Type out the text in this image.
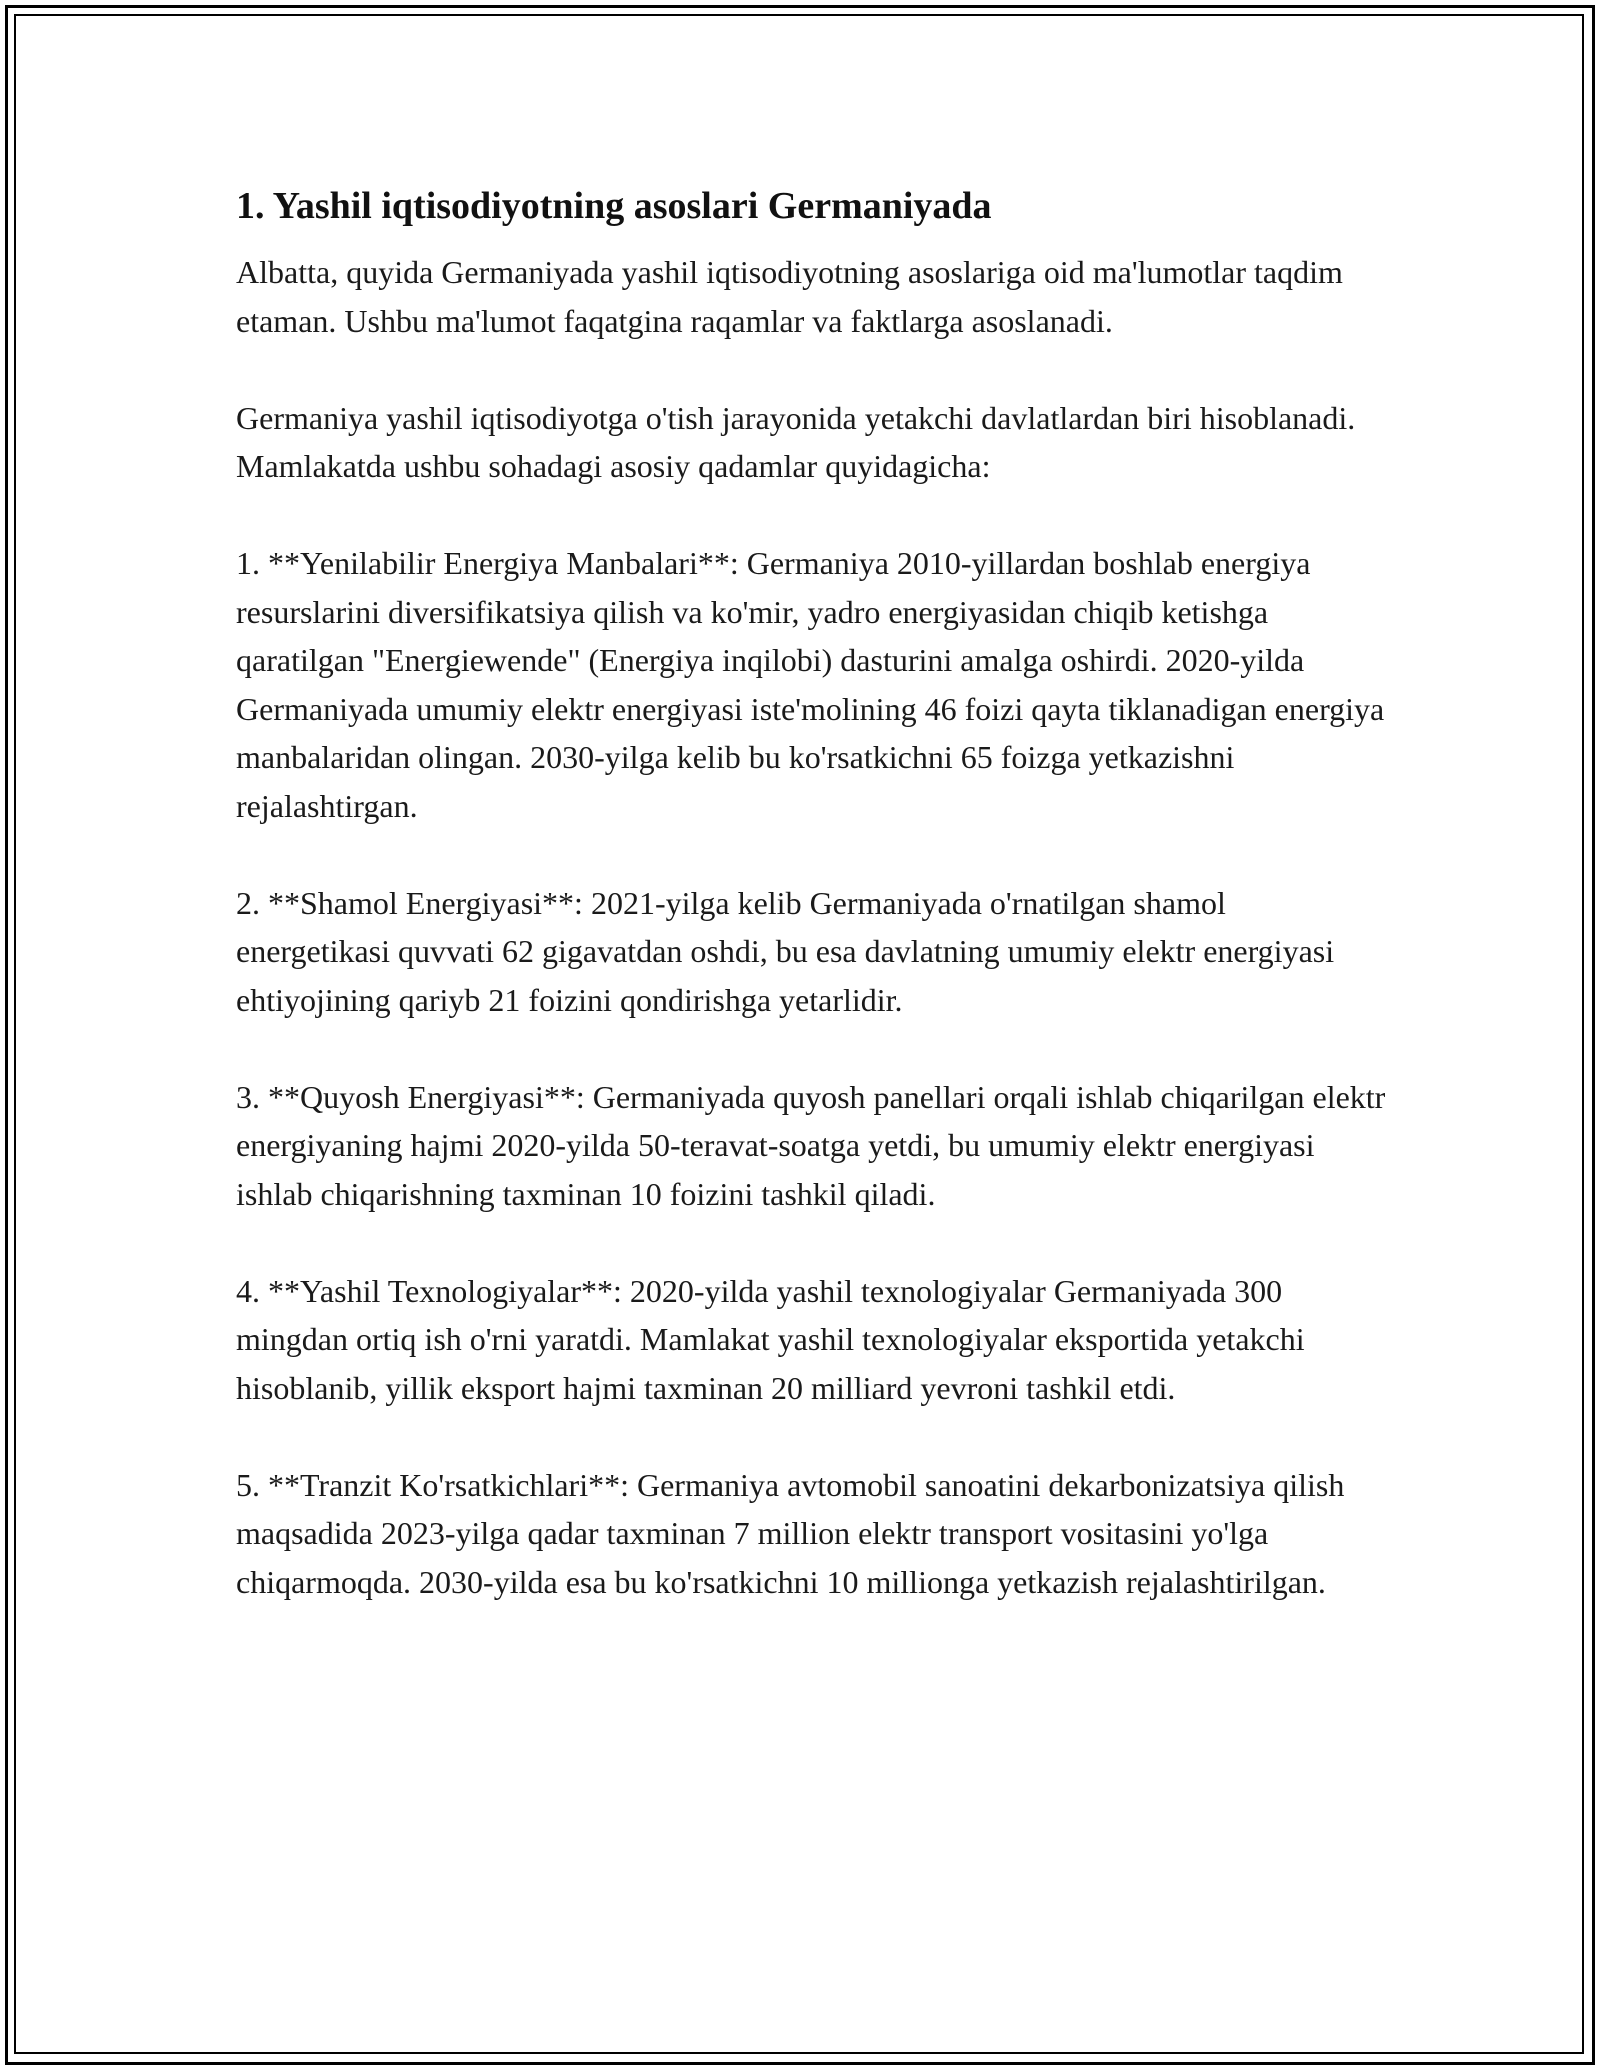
1. Yashil iqtisodiyotning asoslari Germaniyada

Albatta, quyida Germaniyada yashil iqtisodiyotning asoslariga oid ma'lumotlar taqdim etaman. Ushbu ma'lumot faqatgina raqamlar va faktlarga asoslanadi.

Germaniya yashil iqtisodiyotga o'tish jarayonida yetakchi davlatlardan biri hisoblanadi. Mamlakatda ushbu sohadagi asosiy qadamlar quyidagicha:

1. **Yenilabilir Energiya Manbalari**: Germaniya 2010-yillardan boshlab energiya resurslarini diversifikatsiya qilish va ko'mir, yadro energiyasidan chiqib ketishga qaratilgan "Energiewende" (Energiya inqilobi) dasturini amalga oshirdi. 2020-yilda Germaniyada umumiy elektr energiyasi iste'molining 46 foizi qayta tiklanadigan energiya manbalaridan olingan. 2030-yilga kelib bu ko'rsatkichni 65 foizga yetkazishni rejalashtirgan.

2. **Shamol Energiyasi**: 2021-yilga kelib Germaniyada o'rnatilgan shamol energetikasi quvvati 62 gigavatdan oshdi, bu esa davlatning umumiy elektr energiyasi ehtiyojining qariyb 21 foizini qondirishga yetarlidir.

3. **Quyosh Energiyasi**: Germaniyada quyosh panellari orqali ishlab chiqarilgan elektr energiyaning hajmi 2020-yilda 50-teravat-soatga yetdi, bu umumiy elektr energiyasi ishlab chiqarishning taxminan 10 foizini tashkil qiladi.

4. **Yashil Texnologiyalar**: 2020-yilda yashil texnologiyalar Germaniyada 300 mingdan ortiq ish o'rni yaratdi. Mamlakat yashil texnologiyalar eksportida yetakchi hisoblanib, yillik eksport hajmi taxminan 20 milliard yevroni tashkil etdi.

5. **Tranzit Ko'rsatkichlari**: Germaniya avtomobil sanoatini dekarbonizatsiya qilish maqsadida 2023-yilga qadar taxminan 7 million elektr transport vositasini yo'lga chiqarmoqda. 2030-yilda esa bu ko'rsatkichni 10 millionga yetkazish rejalashtirilgan.
